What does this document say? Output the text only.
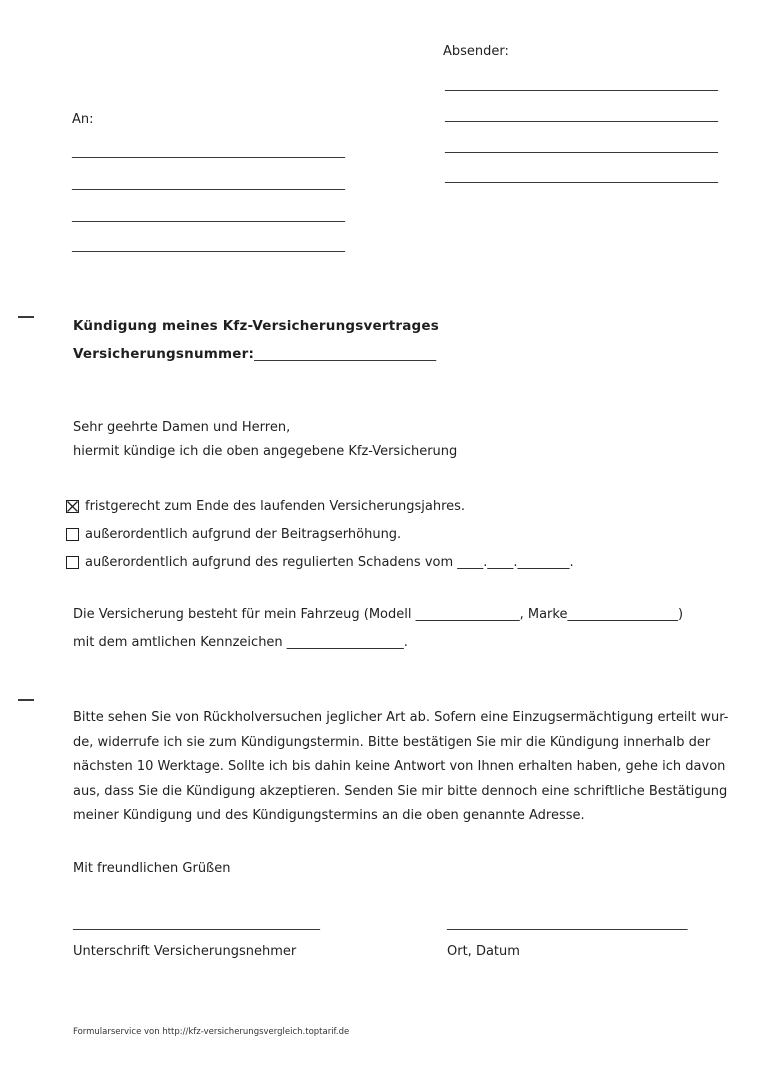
Absender:
__________________________________________
__________________________________________
__________________________________________
__________________________________________
An:
__________________________________________
__________________________________________
__________________________________________
__________________________________________
Kündigung meines Kfz-Versicherungsvertrages
Versicherungsnummer:____________________________
Sehr geehrte Damen und Herren,
hiermit kündige ich die oben angegebene Kfz-Versicherung
fristgerecht zum Ende des laufenden Versicherungsjahres.
außerordentlich aufgrund der Beitragserhöhung.
außerordentlich aufgrund des regulierten Schadens vom ____.____.________.
Die Versicherung besteht für mein Fahrzeug (Modell ________________, Marke_________________)
mit dem amtlichen Kennzeichen __________________.
Bitte sehen Sie von Rückholversuchen jeglicher Art ab. Sofern eine Einzugsermächtigung erteilt wur-
de, widerrufe ich sie zum Kündigungstermin. Bitte bestätigen Sie mir die Kündigung innerhalb der
nächsten 10 Werktage. Sollte ich bis dahin keine Antwort von Ihnen erhalten haben, gehe ich davon
aus, dass Sie die Kündigung akzeptieren. Senden Sie mir bitte dennoch eine schriftliche Bestätigung
meiner Kündigung und des Kündigungstermins an die oben genannte Adresse.
Mit freundlichen Grüßen
______________________________________
Unterschrift Versicherungsnehmer
_____________________________________
Ort, Datum
Formularservice von http://kfz-versicherungsvergleich.toptarif.de
